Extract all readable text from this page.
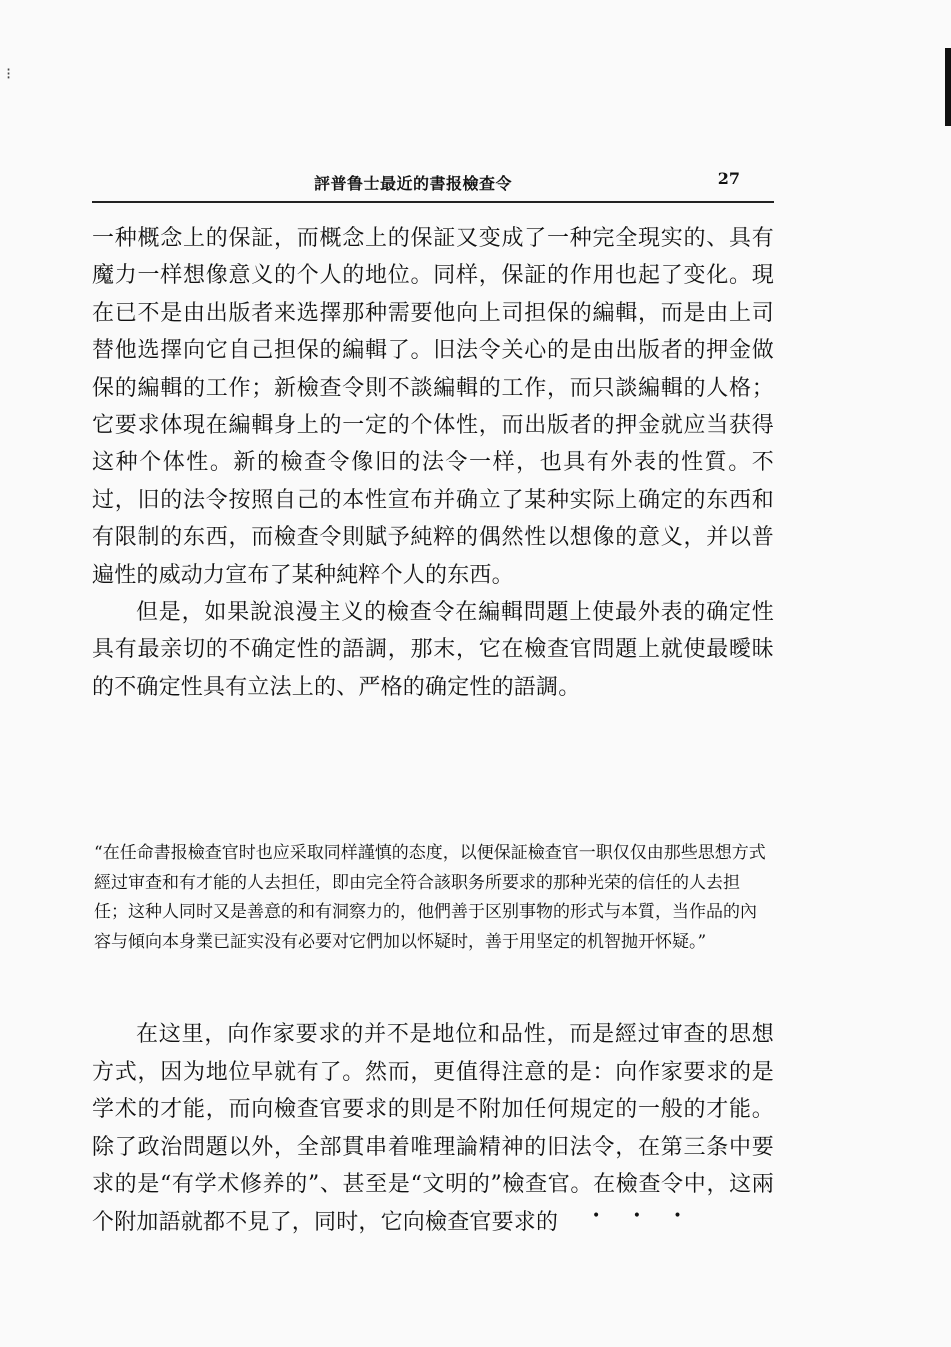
⁝
評普鲁士最近的書报檢查令	27

一种概念上的保証，而概念上的保証又变成了一种完全現实的、具有魔力一样想像意义的个人的地位。同样，保証的作用也起了变化。現在已不是由出版者来选擇那种需要他向上司担保的編輯，而是由上司替他选擇向它自己担保的編輯了。旧法令关心的是由出版者的押金做保的編輯的工作；新檢查令則不談編輯的工作，而只談編輯的人格；它要求体現在編輯身上的一定的个体性，而出版者的押金就应当获得这种个体性。新的檢查令像旧的法令一样，也具有外表的性質。不过，旧的法令按照自己的本性宣布并确立了某种实际上确定的东西和有限制的东西，而檢查令則賦予純粹的偶然性以想像的意义，并以普遍性的威动力宣布了某种純粹个人的东西。

但是，如果說浪漫主义的檢查令在編輯問題上使最外表的确定性具有最亲切的不确定性的語調，那末，它在檢查官問題上就使最曖昧的不确定性具有立法上的、严格的确定性的語調。

“在任命書报檢查官时也应采取同样謹慎的态度，以便保証檢查官一职仅仅由那些思想方式經过审查和有才能的人去担任，即由完全符合該职务所要求的那种光荣的信任的人去担任；这种人同时又是善意的和有洞察力的，他們善于区别事物的形式与本質，当作品的內容与傾向本身業已証实没有必要对它們加以怀疑时，善于用坚定的机智抛开怀疑。”

在这里，向作家要求的并不是地位和品性，而是經过审查的思想方式，因为地位早就有了。然而，更值得注意的是：向作家要求的是学术的才能，而向檢查官要求的則是不附加任何規定的一般的才能。除了政治問題以外，全部貫串着唯理論精神的旧法令，在第三条中要求的是“有学术修养的”、甚至是“文明的”檢查官。在檢查令中，这兩个附加語就都不見了，同时，它向檢查官要求的	• • •
